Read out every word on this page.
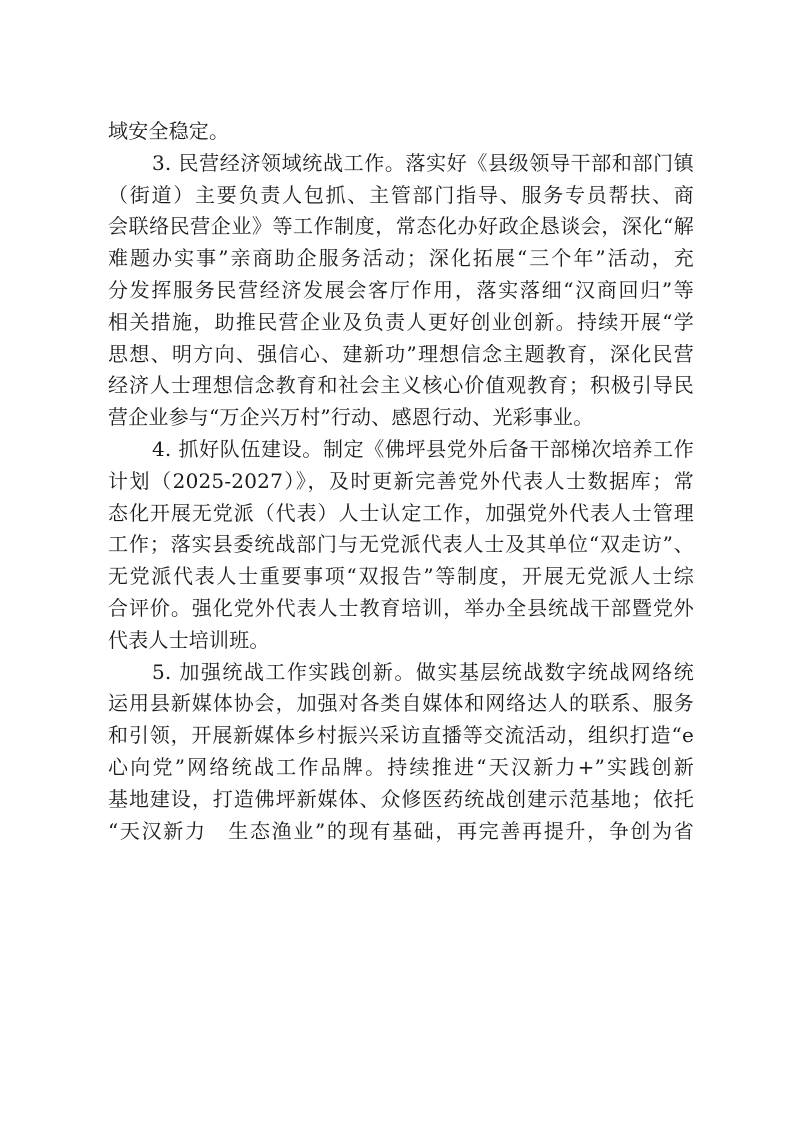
域安全稳定。
3. 民营经济领域统战工作。落实好《县级领导干部和部门镇
（街道）主要负责人包抓、主管部门指导、服务专员帮扶、商
会联络民营企业》等工作制度，常态化办好政企恳谈会，深化“解
难题办实事”亲商助企服务活动；深化拓展“三个年”活动，充
分发挥服务民营经济发展会客厅作用，落实落细“汉商回归”等
相关措施，助推民营企业及负责人更好创业创新。持续开展“学
思想、明方向、强信心、建新功”理想信念主题教育，深化民营
经济人士理想信念教育和社会主义核心价值观教育；积极引导民
营企业参与“万企兴万村”行动、感恩行动、光彩事业。
4. 抓好队伍建设。制定《佛坪县党外后备干部梯次培养工作
计划（2025-2027）》，及时更新完善党外代表人士数据库；常
态化开展无党派（代表）人士认定工作，加强党外代表人士管理
工作；落实县委统战部门与无党派代表人士及其单位“双走访”、
无党派代表人士重要事项“双报告”等制度，开展无党派人士综
合评价。强化党外代表人士教育培训，举办全县统战干部暨党外
代表人士培训班。
5. 加强统战工作实践创新。做实基层统战数字统战网络统
运用县新媒体协会，加强对各类自媒体和网络达人的联系、服务
和引领，开展新媒体乡村振兴采访直播等交流活动，组织打造“e
心向党”网络统战工作品牌。持续推进“天汉新力+”实践创新
基地建设，打造佛坪新媒体、众修医药统战创建示范基地；依托
“天汉新力　生态渔业”的现有基础，再完善再提升，争创为省
